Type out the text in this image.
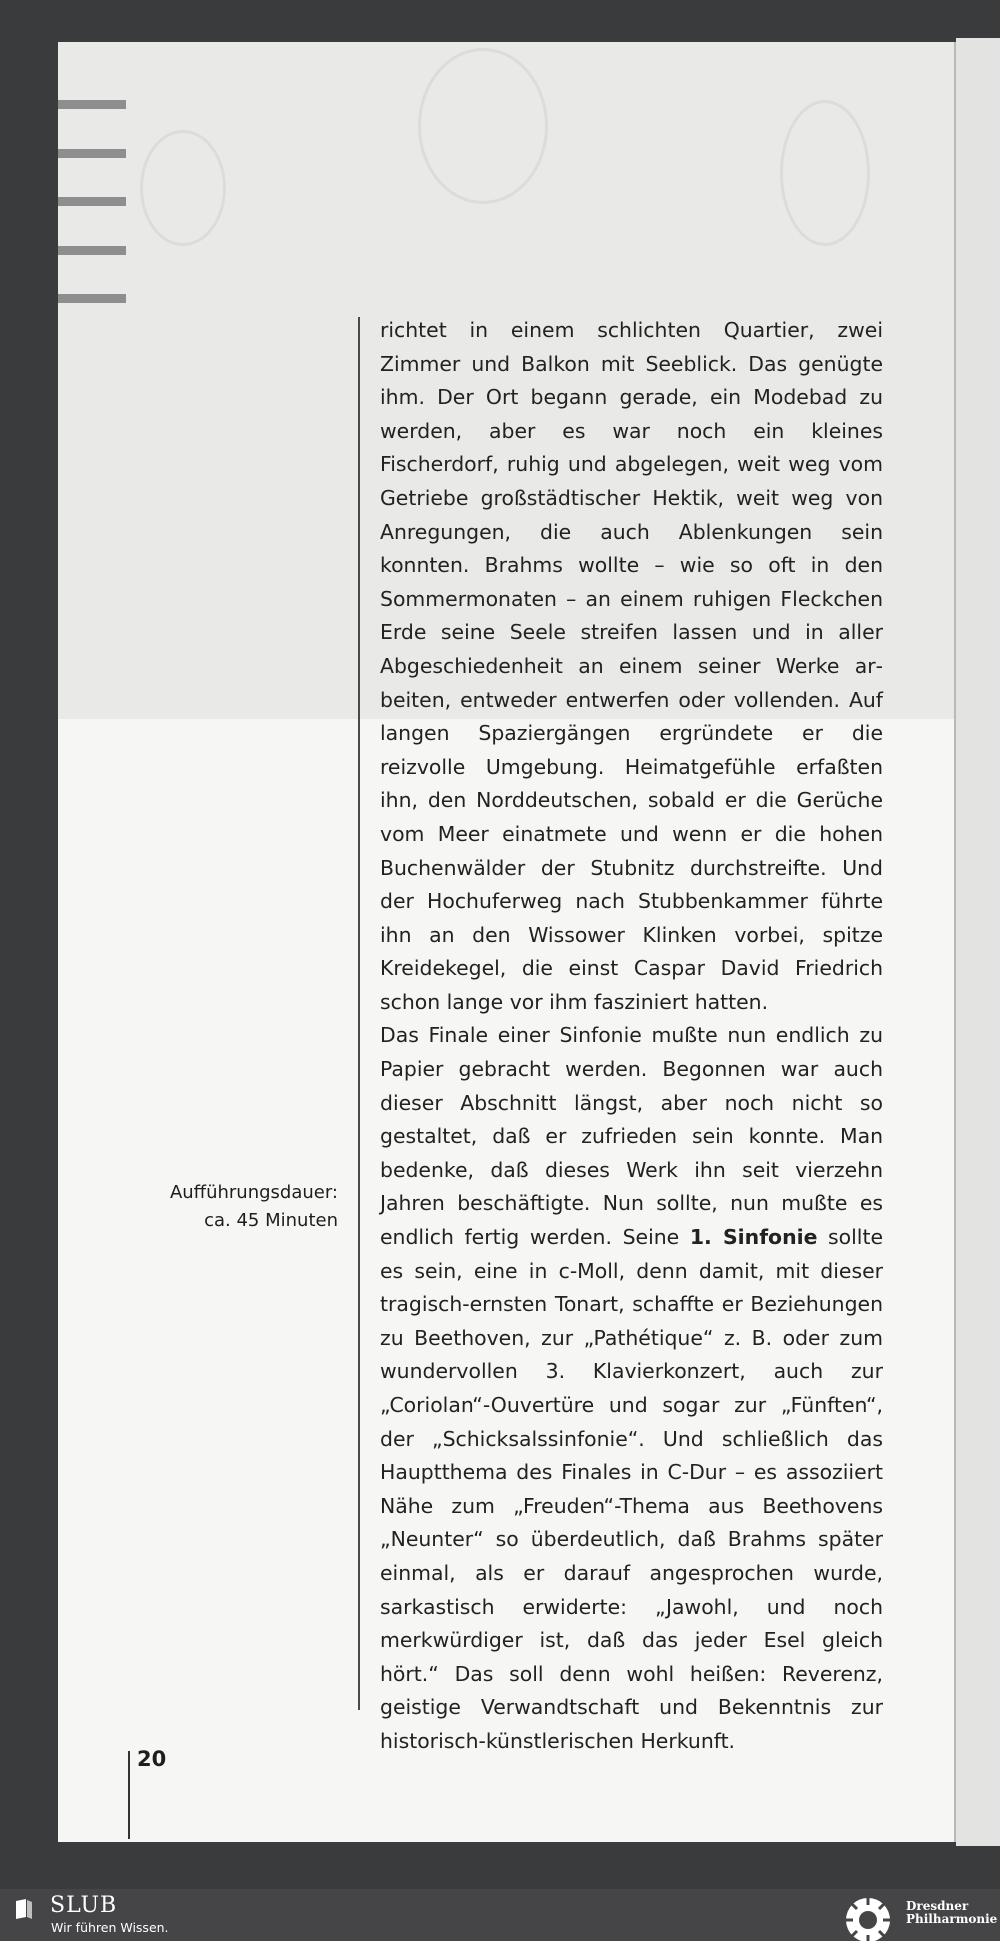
richtet in einem schlichten Quartier, zwei Zimmer und Balkon mit Seeblick. Das genügte ihm. Der Ort begann gerade, ein Modebad zu werden, aber es war noch ein kleines Fischerdorf, ruhig und abgelegen, weit weg vom Getriebe großstädtischer Hektik, weit weg von Anregungen, die auch Ablenkungen sein konnten. Brahms wollte – wie so oft in den Sommermonaten – an einem ruhigen Fleckchen Erde seine Seele streifen lassen und in aller Abgeschiedenheit an einem seiner Werke arbeiten, entweder entwerfen oder vollenden. Auf langen Spaziergängen ergründete er die reizvolle Umgebung. Heimatgefühle erfaßten ihn, den Norddeutschen, sobald er die Gerüche vom Meer einatmete und wenn er die hohen Buchenwälder der Stubnitz durchstreifte. Und der Hochuferweg nach Stubbenkammer führte ihn an den Wissower Klinken vorbei, spitze Kreidekegel, die einst Caspar David Friedrich schon lange vor ihm fasziniert hatten.

Das Finale einer Sinfonie mußte nun endlich zu Papier gebracht werden. Begonnen war auch dieser Abschnitt längst, aber noch nicht so gestaltet, daß er zufrieden sein konnte. Man bedenke, daß dieses Werk ihn seit vierzehn Jahren beschäftigte. Nun sollte, nun mußte es endlich fertig werden. Seine 1. Sinfonie sollte es sein, eine in c-Moll, denn damit, mit dieser tragisch-ernsten Tonart, schaffte er Beziehungen zu Beethoven, zur „Pathétique“ z. B. oder zum wundervollen 3. Klavierkonzert, auch zur „Coriolan“-Ouvertüre und sogar zur „Fünften“, der „Schicksalssinfonie“. Und schließlich das Hauptthema des Finales in C-Dur – es assoziiert Nähe zum „Freuden“-Thema aus Beethovens „Neunter“ so überdeutlich, daß Brahms später einmal, als er darauf angesprochen wurde, sarkastisch erwiderte: „Jawohl, und noch merkwürdiger ist, daß das jeder Esel gleich hört.“ Das soll denn wohl heißen: Reverenz, geistige Verwandtschaft und Bekenntnis zur historisch-künstlerischen Herkunft.

Aufführungsdauer:
ca. 45 Minuten
20
SLUB
Wir führen Wissen.
Dresdner
Philharmonie
